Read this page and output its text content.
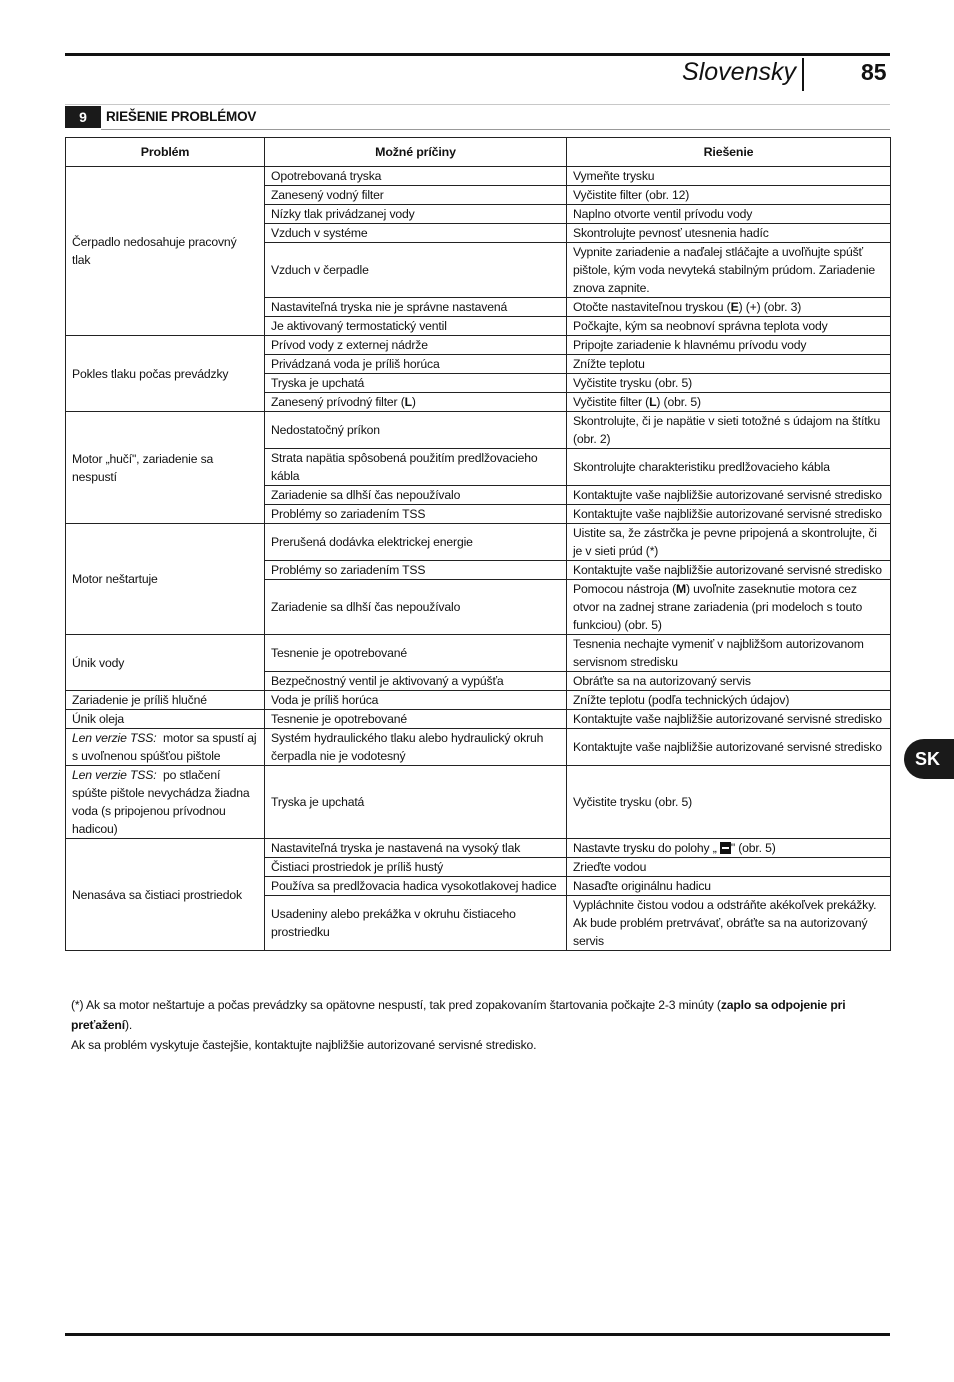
Slovensky	85
9	RIEŠENIE PROBLÉMOV
Problém	Možné príčiny	Riešenie
Čerpadlo nedosahuje pracovný tlak	Opotrebovaná tryska	Vymeňte trysku
	Zanesený vodný filter	Vyčistite filter (obr. 12)
	Nízky tlak privádzanej vody	Naplno otvorte ventil prívodu vody
	Vzduch v systéme	Skontrolujte pevnosť utesnenia hadíc
	Vzduch v čerpadle	Vypnite zariadenie a naďalej stláčajte a uvoľňujte spúšť pištole, kým voda nevyteká stabilným prúdom. Zariadenie znova zapnite.
	Nastaviteľná tryska nie je správne nastavená	Otočte nastaviteľnou tryskou (E) (+) (obr. 3)
	Je aktivovaný termostatický ventil	Počkajte, kým sa neobnoví správna teplota vody
Pokles tlaku počas prevádzky	Prívod vody z externej nádrže	Pripojte zariadenie k hlavnému prívodu vody
	Privádzaná voda je príliš horúca	Znížte teplotu
	Tryska je upchatá	Vyčistite trysku (obr. 5)
	Zanesený prívodný filter (L)	Vyčistite filter (L) (obr. 5)
Motor „hučí", zariadenie sa nespustí	Nedostatočný príkon	Skontrolujte, či je napätie v sieti totožné s údajom na štítku (obr. 2)
	Strata napätia spôsobená použitím predlžovacieho kábla	Skontrolujte charakteristiku predlžovacieho kábla
	Zariadenie sa dlhší čas nepoužívalo	Kontaktujte vaše najbližšie autorizované servisné stredisko
	Problémy so zariadením TSS	Kontaktujte vaše najbližšie autorizované servisné stredisko
Motor neštartuje	Prerušená dodávka elektrickej energie	Uistite sa, že zástrčka je pevne pripojená a skontrolujte, či je v sieti prúd (*)
	Problémy so zariadením TSS	Kontaktujte vaše najbližšie autorizované servisné stredisko
	Zariadenie sa dlhší čas nepoužívalo	Pomocou nástroja (M) uvoľnite zaseknutie motora cez otvor na zadnej strane zariadenia (pri modeloch s touto funkciou) (obr. 5)
Únik vody	Tesnenie je opotrebované	Tesnenia nechajte vymeniť v najbližšom autorizovanom servisnom stredisku
	Bezpečnostný ventil je aktivovaný a vypúšťa	Obráťte sa na autorizovaný servis
Zariadenie je príliš hlučné	Voda je príliš horúca	Znížte teplotu (podľa technických údajov)
Únik oleja	Tesnenie je opotrebované	Kontaktujte vaše najbližšie autorizované servisné stredisko
Len verzie TSS: motor sa spustí aj s uvoľnenou spúšťou pištole	Systém hydraulického tlaku alebo hydraulický okruh čerpadla nie je vodotesný	Kontaktujte vaše najbližšie autorizované servisné stredisko
Len verzie TSS: po stlačení spúšte pištole nevychádza žiadna voda (s pripojenou prívodnou hadicou)	Tryska je upchatá	Vyčistite trysku (obr. 5)
Nenasáva sa čistiaci prostriedok	Nastaviteľná tryska je nastavená na vysoký tlak	Nastavte trysku do polohy „ " (obr. 5)
	Čistiaci prostriedok je príliš hustý	Zrieďte vodou
	Používa sa predlžovacia hadica vysokotlakovej hadice	Nasaďte originálnu hadicu
	Usadeniny alebo prekážka v okruhu čistiaceho prostriedku	Vypláchnite čistou vodou a odstráňte akékoľvek prekážky. Ak bude problém pretrvávať, obráťte sa na autorizovaný servis

(*) Ak sa motor neštartuje a počas prevádzky sa opätovne nespustí, tak pred zopakovaním štartovania počkajte 2-3 minúty (zaplo sa odpojenie pri preťažení).

Ak sa problém vyskytuje častejšie, kontaktujte najbližšie autorizované servisné stredisko.

SK
